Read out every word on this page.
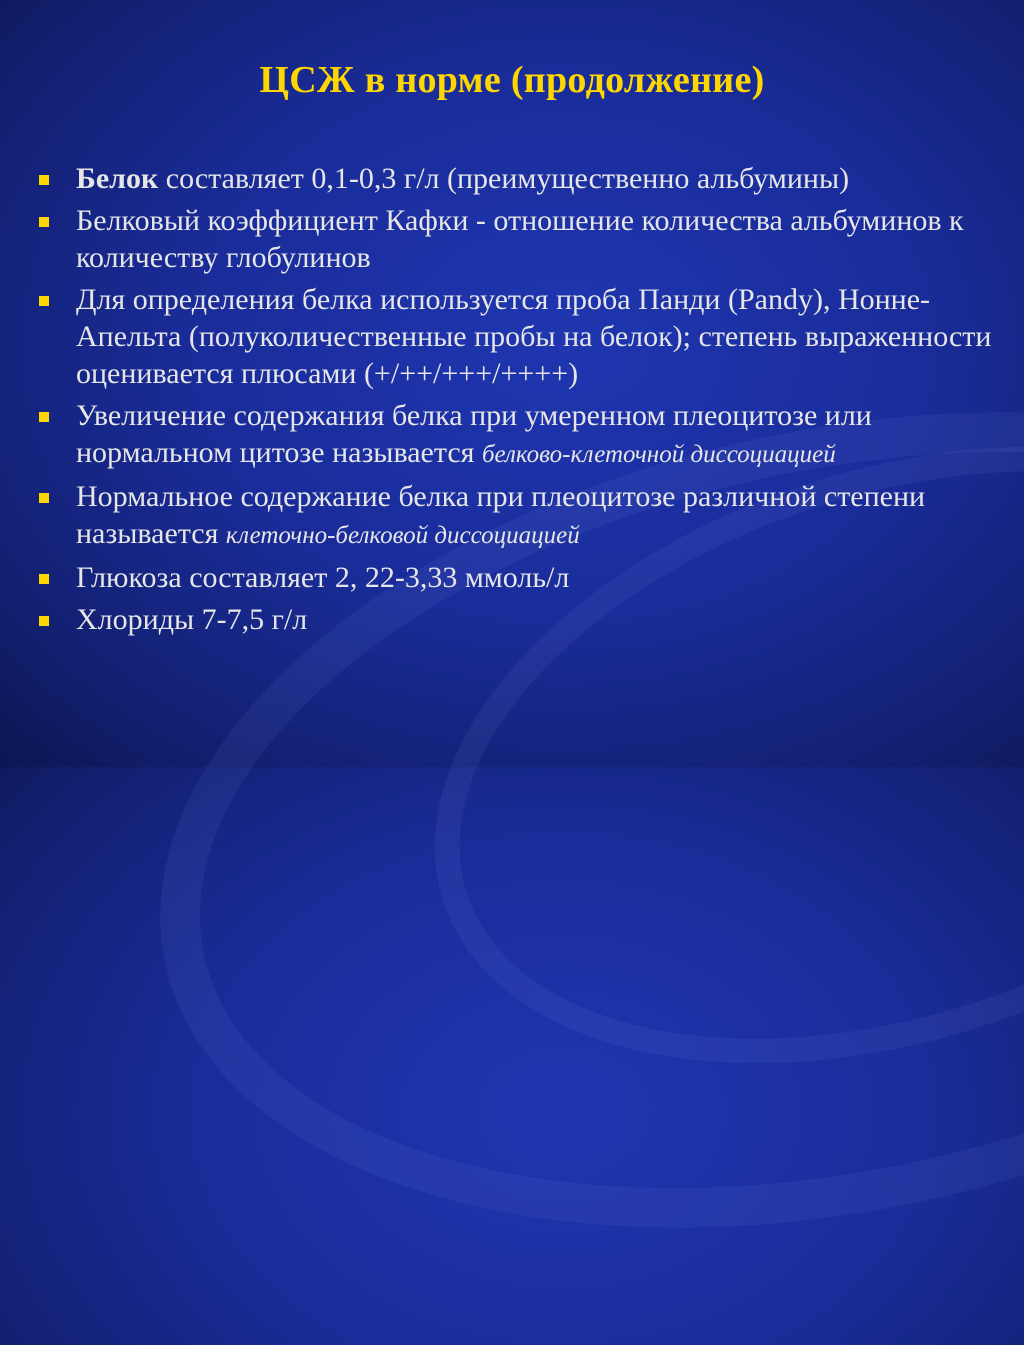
ЦСЖ в норме (продолжение)
Белок составляет 0,1-0,3 г/л (преимущественно альбумины)
Белковый коэффициент Кафки - отношение количества альбуминов к количеству глобулинов
Для определения белка используется проба Панди (Pandy), Нонне-Апельта (полуколичественные пробы на белок); степень выраженности оценивается плюсами (+/++/+++/++++)
Увеличение содержания белка при умеренном плеоцитозе или нормальном цитозе называется белково-клеточной диссоциацией
Нормальное содержание белка при плеоцитозе различной степени называется клеточно-белковой диссоциацией
Глюкоза составляет 2, 22-3,33 ммоль/л
Хлориды 7-7,5 г/л
